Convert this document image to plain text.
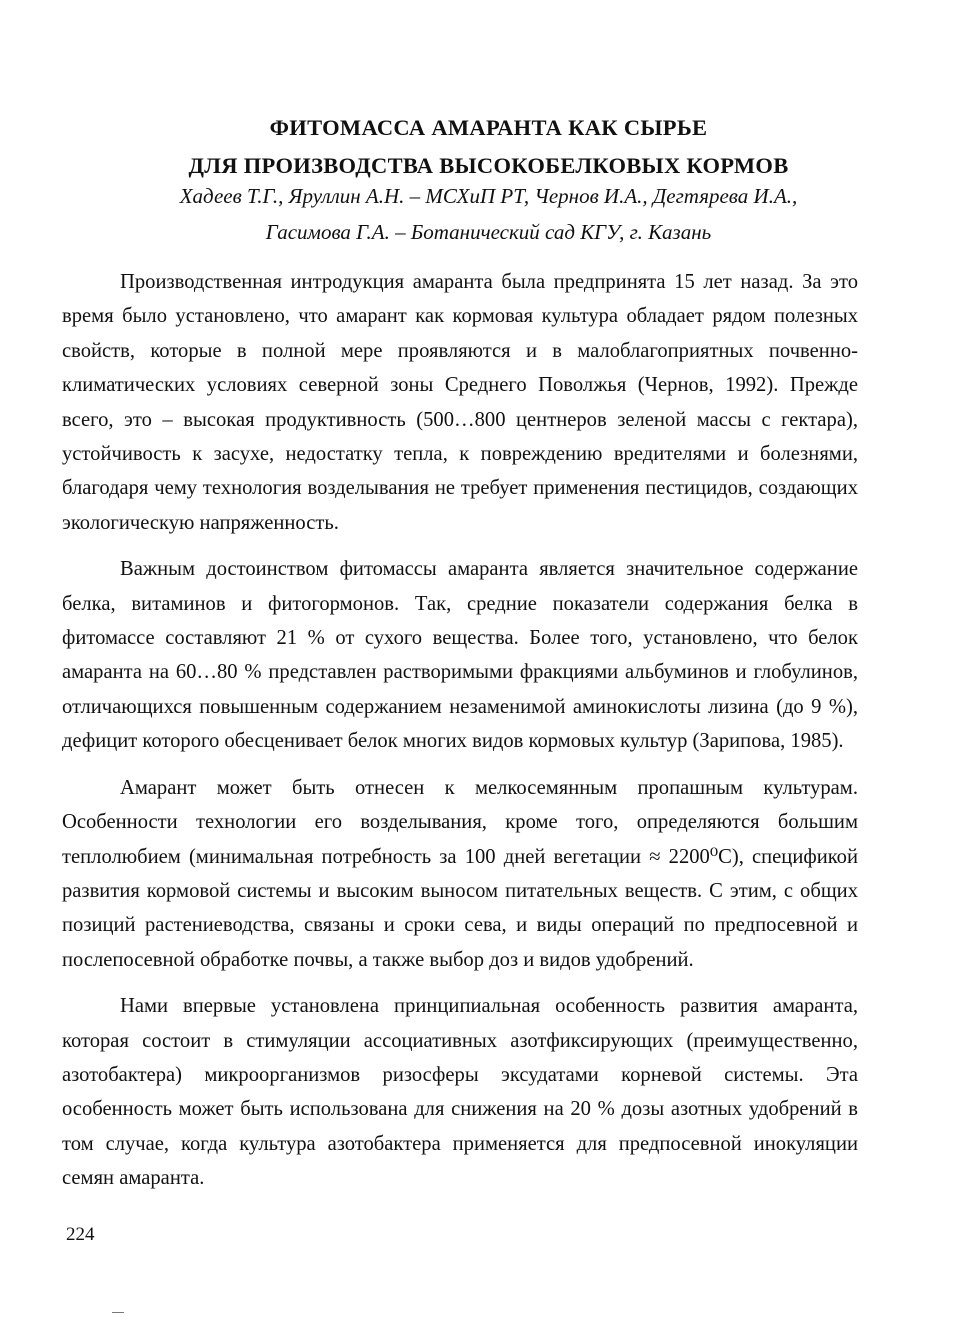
ФИТОМАССА АМАРАНТА КАК СЫРЬЕ
ДЛЯ ПРОИЗВОДСТВА ВЫСОКОБЕЛКОВЫХ КОРМОВ
Хадеев Т.Г., Яруллин А.Н. – МСХиП РТ, Чернов И.А., Дегтярева И.А.,
Гасимова Г.А. – Ботанический сад КГУ, г. Казань

Производственная интродукция амаранта была предпринята 15 лет назад. За это время было установлено, что амарант как кормовая культура обладает рядом полезных свойств, которые в полной мере проявляются и в малоблагоприятных почвенно-климатических условиях северной зоны Среднего Поволжья (Чернов, 1992). Прежде всего, это – высокая продуктивность (500…800 центнеров зеленой массы с гектара), устойчивость к засухе, недостатку тепла, к повреждению вредителями и болезнями, благодаря чему технология возделывания не требует применения пестицидов, создающих экологическую напряженность.

Важным достоинством фитомассы амаранта является значительное содержание белка, витаминов и фитогормонов. Так, средние показатели содержания белка в фитомассе составляют 21 % от сухого вещества. Более того, установлено, что белок амаранта на 60…80 % представлен растворимыми фракциями альбуминов и глобулинов, отличающихся повышенным содержанием незаменимой аминокислоты лизина (до 9 %), дефицит которого обесценивает белок многих видов кормовых культур (Зарипова, 1985).

Амарант может быть отнесен к мелкосемянным пропашным культурам. Особенности технологии его возделывания, кроме того, определяются большим теплолюбием (минимальная потребность за 100 дней вегетации ≈ 2200⁰С), спецификой развития кормовой системы и высоким выносом питательных веществ. С этим, с общих позиций растениеводства, связаны и сроки сева, и виды операций по предпосевной и послепосевной обработке почвы, а также выбор доз и видов удобрений.

Нами впервые установлена принципиальная особенность развития амаранта, которая состоит в стимуляции ассоциативных азотфиксирующих (преимущественно, азотобактера) микроорганизмов ризосферы эксудатами корневой системы. Эта особенность может быть использована для снижения на 20 % дозы азотных удобрений в том случае, когда культура азотобактера применяется для предпосевной инокуляции семян амаранта.

224
